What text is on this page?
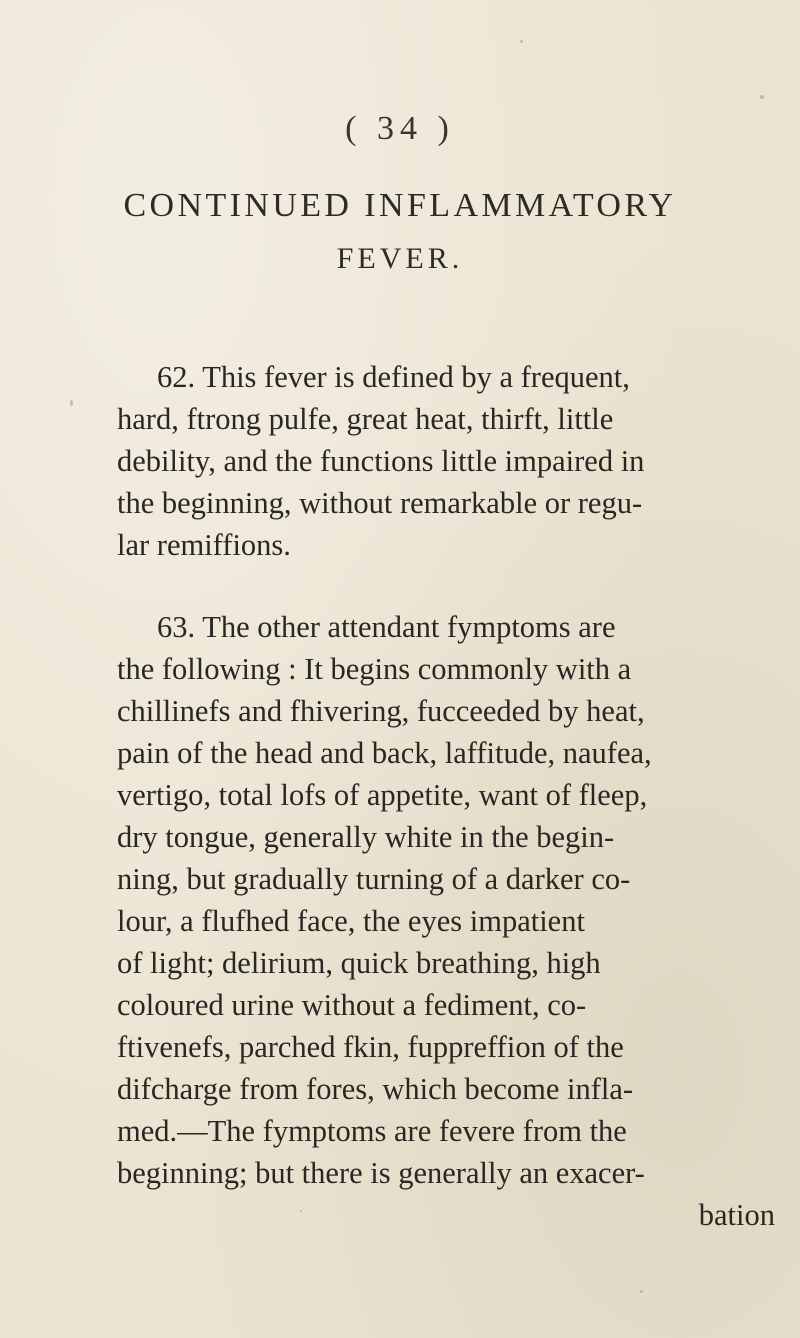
( 34 )
CONTINUED INFLAMMATORY
FEVER.
62. This fever is defined by a frequent,
hard, ftrong pulfe, great heat, thirft, little
debility, and the functions little impaired in
the beginning, without remarkable or regu-
lar remiffions.
63. The other attendant fymptoms are
the following : It begins commonly with a
chillinefs and fhivering, fucceeded by heat,
pain of the head and back, laffitude, naufea,
vertigo, total lofs of appetite, want of fleep,
dry tongue, generally white in the begin-
ning, but gradually turning of a darker co-
lour, a flufhed face, the eyes impatient
of light; delirium, quick breathing, high
coloured urine without a fediment, co-
ftivenefs, parched fkin, fuppreffion of the
difcharge from fores, which become infla-
med.—The fymptoms are fevere from the
beginning; but there is generally an exacer-
bation
